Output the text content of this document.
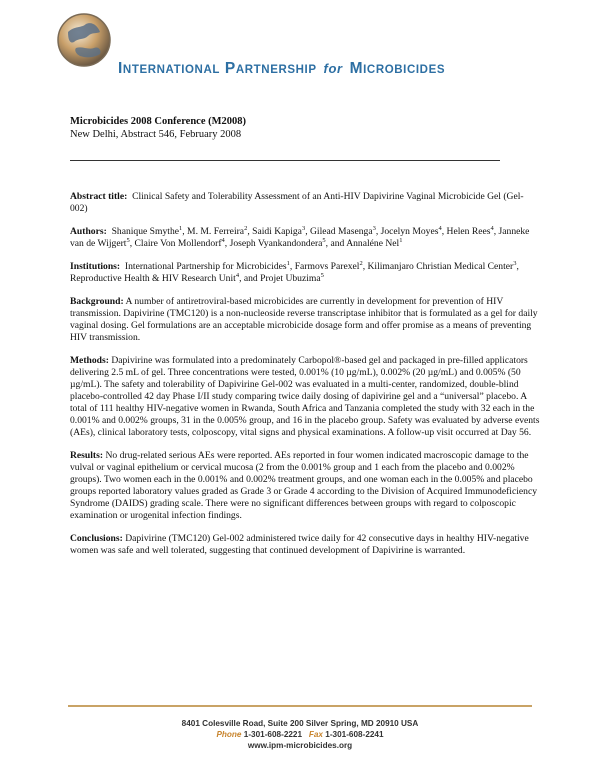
INTERNATIONAL PARTNERSHIP for MICROBICIDES
Microbicides 2008 Conference (M2008)
New Delhi, Abstract 546, February 2008

Abstract title: Clinical Safety and Tolerability Assessment of an Anti-HIV Dapivirine Vaginal Microbicide Gel (Gel-002)

Authors: Shanique Smythe$^1$, M. M. Ferreira$^2$, Saidi Kapiga$^3$, Gilead Masenga$^3$, Jocelyn Moyes$^4$, Helen Rees$^4$, Janneke van de Wijgert$^5$, Claire Von Mollendorf$^4$, Joseph Vyankandondera$^5$, and Annaléne Nel$^1$

Institutions: International Partnership for Microbicides$^1$, Farmovs Parexel$^2$, Kilimanjaro Christian Medical Center$^3$, Reproductive Health & HIV Research Unit$^4$, and Projet Ubuzima$^5$

Background: A number of antiretroviral-based microbicides are currently in development for prevention of HIV transmission. Dapivirine (TMC120) is a non-nucleoside reverse transcriptase inhibitor that is formulated as a gel for daily vaginal dosing. Gel formulations are an acceptable microbicide dosage form and offer promise as a means of preventing HIV transmission.

Methods: Dapivirine was formulated into a predominately Carbopol®-based gel and packaged in pre-filled applicators delivering 2.5 mL of gel. Three concentrations were tested, 0.001% (10 µg/mL), 0.002% (20 µg/mL) and 0.005% (50 µg/mL). The safety and tolerability of Dapivirine Gel-002 was evaluated in a multi-center, randomized, double-blind placebo-controlled 42 day Phase I/II study comparing twice daily dosing of dapivirine gel and a “universal” placebo. A total of 111 healthy HIV-negative women in Rwanda, South Africa and Tanzania completed the study with 32 each in the 0.001% and 0.002% groups, 31 in the 0.005% group, and 16 in the placebo group. Safety was evaluated by adverse events (AEs), clinical laboratory tests, colposcopy, vital signs and physical examinations. A follow-up visit occurred at Day 56.

Results: No drug-related serious AEs were reported. AEs reported in four women indicated macroscopic damage to the vulval or vaginal epithelium or cervical mucosa (2 from the 0.001% group and 1 each from the placebo and 0.002% groups). Two women each in the 0.001% and 0.002% treatment groups, and one woman each in the 0.005% and placebo groups reported laboratory values graded as Grade 3 or Grade 4 according to the Division of Acquired Immunodeficiency Syndrome (DAIDS) grading scale. There were no significant differences between groups with regard to colposcopic examination or urogenital infection findings.

Conclusions: Dapivirine (TMC120) Gel-002 administered twice daily for 42 consecutive days in healthy HIV-negative women was safe and well tolerated, suggesting that continued development of Dapivirine is warranted.

8401 Colesville Road, Suite 200 Silver Spring, MD 20910 USA
Phone 1-301-608-2221 Fax 1-301-608-2241
www.ipm-microbicides.org
